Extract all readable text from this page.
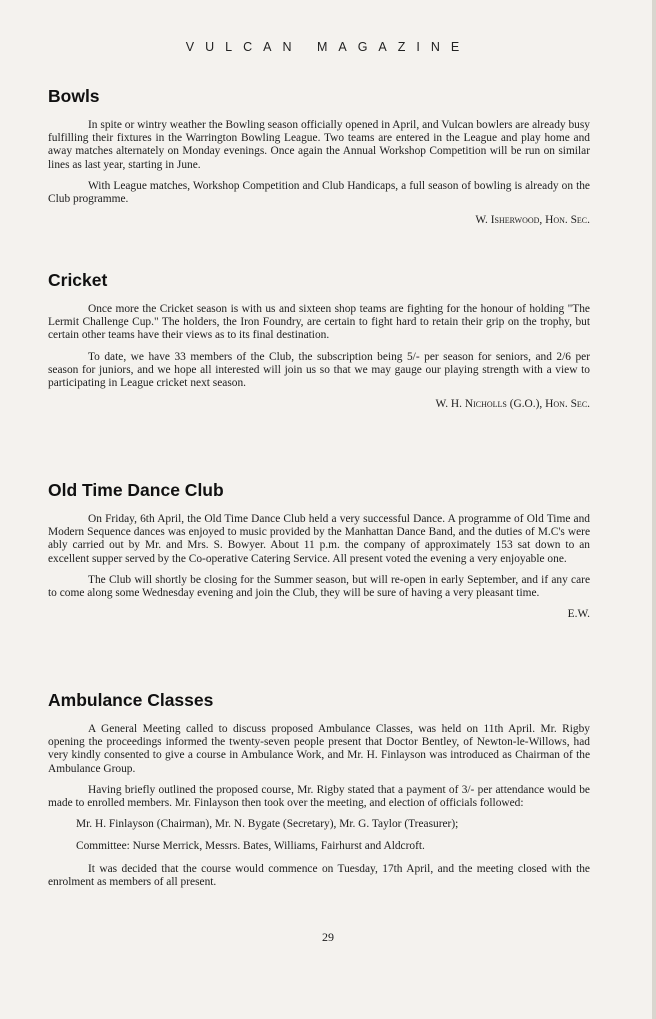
VULCAN MAGAZINE
Bowls

In spite or wintry weather the Bowling season officially opened in April, and Vulcan bowlers are already busy fulfilling their fixtures in the Warrington Bowling League. Two teams are entered in the League and play home and away matches alternately on Monday evenings. Once again the Annual Workshop Competition will be run on similar lines as last year, starting in June.

With League matches, Workshop Competition and Club Handicaps, a full season of bowling is already on the Club programme.

W. Isherwood, Hon. Sec.
Cricket

Once more the Cricket season is with us and sixteen shop teams are fighting for the honour of holding "The Lermit Challenge Cup." The holders, the Iron Foundry, are certain to fight hard to retain their grip on the trophy, but certain other teams have their views as to its final destination.

To date, we have 33 members of the Club, the subscription being 5/- per season for seniors, and 2/6 per season for juniors, and we hope all interested will join us so that we may gauge our playing strength with a view to participating in League cricket next season.

W. H. Nicholls (G.O.), Hon. Sec.
Old Time Dance Club

On Friday, 6th April, the Old Time Dance Club held a very successful Dance. A programme of Old Time and Modern Sequence dances was enjoyed to music provided by the Manhattan Dance Band, and the duties of M.C's were ably carried out by Mr. and Mrs. S. Bowyer. About 11 p.m. the company of approximately 153 sat down to an excellent supper served by the Co-operative Catering Service. All present voted the evening a very enjoyable one.

The Club will shortly be closing for the Summer season, but will re-open in early September, and if any care to come along some Wednesday evening and join the Club, they will be sure of having a very pleasant time.

E.W.
Ambulance Classes

A General Meeting called to discuss proposed Ambulance Classes, was held on 11th April. Mr. Rigby opening the proceedings informed the twenty-seven people present that Doctor Bentley, of Newton-le-Willows, had very kindly consented to give a course in Ambulance Work, and Mr. H. Finlayson was introduced as Chairman of the Ambulance Group.

Having briefly outlined the proposed course, Mr. Rigby stated that a payment of 3/- per attendance would be made to enrolled members. Mr. Finlayson then took over the meeting, and election of officials followed:

Mr. H. Finlayson (Chairman), Mr. N. Bygate (Secretary), Mr. G. Taylor (Treasurer);
Committee: Nurse Merrick, Messrs. Bates, Williams, Fairhurst and Aldcroft.

It was decided that the course would commence on Tuesday, 17th April, and the meeting closed with the enrolment as members of all present.

29
